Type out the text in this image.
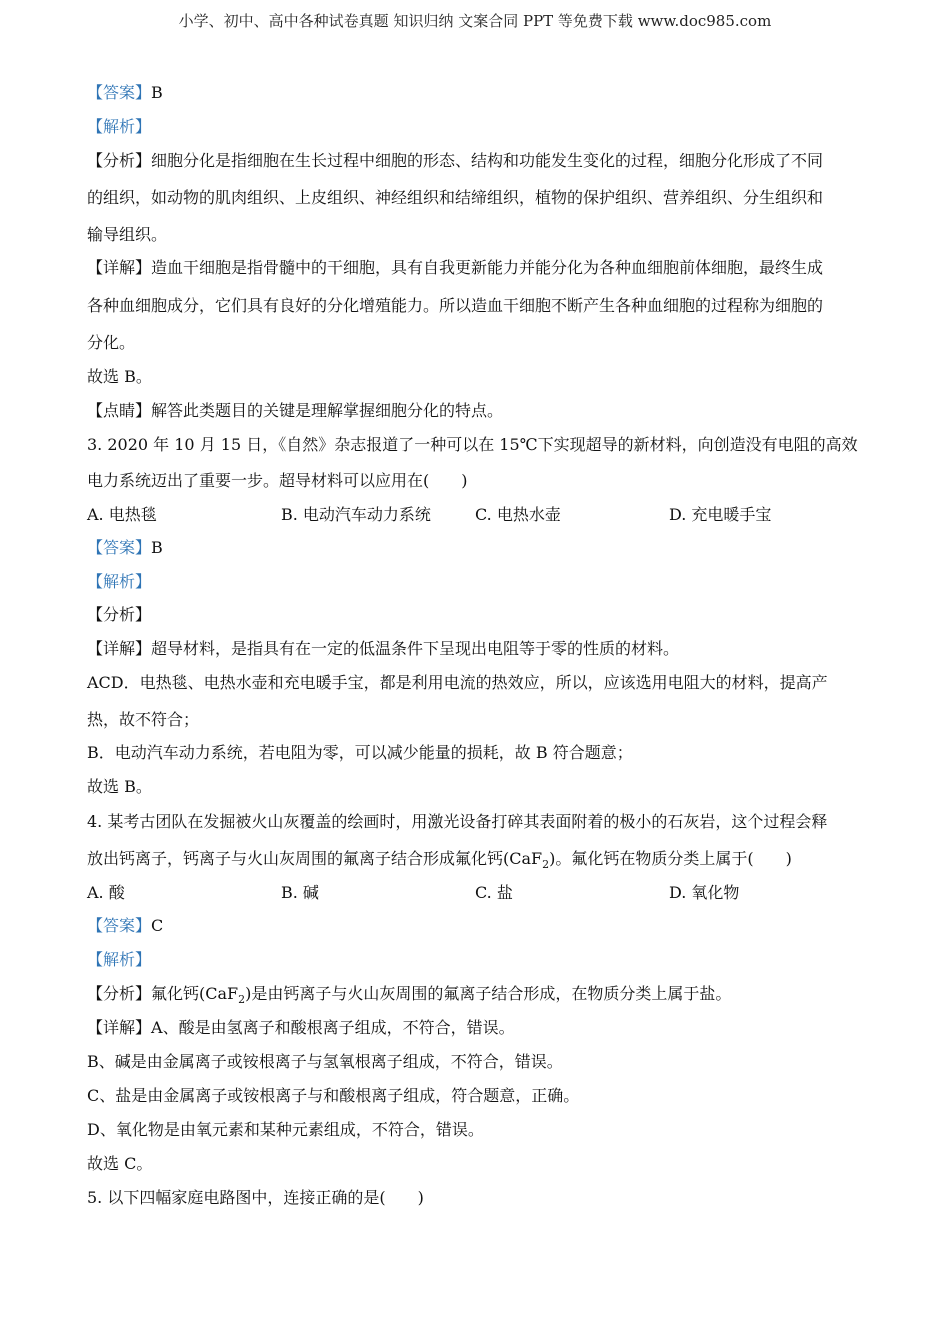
小学、初中、高中各种试卷真题 知识归纳 文案合同 PPT 等免费下载 www.doc985.com
【答案】B
【解析】
【分析】细胞分化是指细胞在生长过程中细胞的形态、结构和功能发生变化的过程，细胞分化形成了不同
的组织，如动物的肌肉组织、上皮组织、神经组织和结缔组织，植物的保护组织、营养组织、分生组织和
输导组织。
【详解】造血干细胞是指骨髓中的干细胞，具有自我更新能力并能分化为各种血细胞前体细胞，最终生成
各种血细胞成分，它们具有良好的分化增殖能力。所以造血干细胞不断产生各种血细胞的过程称为细胞的
分化。
故选 B。
【点睛】解答此类题目的关键是理解掌握细胞分化的特点。
3. 2020 年 10 月 15 日，《自然》杂志报道了一种可以在 15℃下实现超导的新材料，向创造没有电阻的高效
电力系统迈出了重要一步。超导材料可以应用在(　　)
A. 电热毯	B. 电动汽车动力系统	C. 电热水壶	D. 充电暖手宝
【答案】B
【解析】
【分析】
【详解】超导材料，是指具有在一定的低温条件下呈现出电阻等于零的性质的材料。
ACD．电热毯、电热水壶和充电暖手宝，都是利用电流的热效应，所以，应该选用电阻大的材料，提高产
热，故不符合；
B．电动汽车动力系统，若电阻为零，可以减少能量的损耗，故 B 符合题意；
故选 B。
4. 某考古团队在发掘被火山灰覆盖的绘画时，用激光设备打碎其表面附着的极小的石灰岩，这个过程会释
放出钙离子，钙离子与火山灰周围的氟离子结合形成氟化钙(CaF$_2$)。氟化钙在物质分类上属于(　　)
A. 酸	B. 碱	C. 盐	D. 氧化物
【答案】C
【解析】
【分析】氟化钙(CaF$_2$)是由钙离子与火山灰周围的氟离子结合形成，在物质分类上属于盐。
【详解】A、酸是由氢离子和酸根离子组成，不符合，错误。
B、碱是由金属离子或铵根离子与氢氧根离子组成，不符合，错误。
C、盐是由金属离子或铵根离子与和酸根离子组成，符合题意，正确。
D、氧化物是由氧元素和某种元素组成，不符合，错误。
故选 C。
5. 以下四幅家庭电路图中，连接正确的是(　　)
